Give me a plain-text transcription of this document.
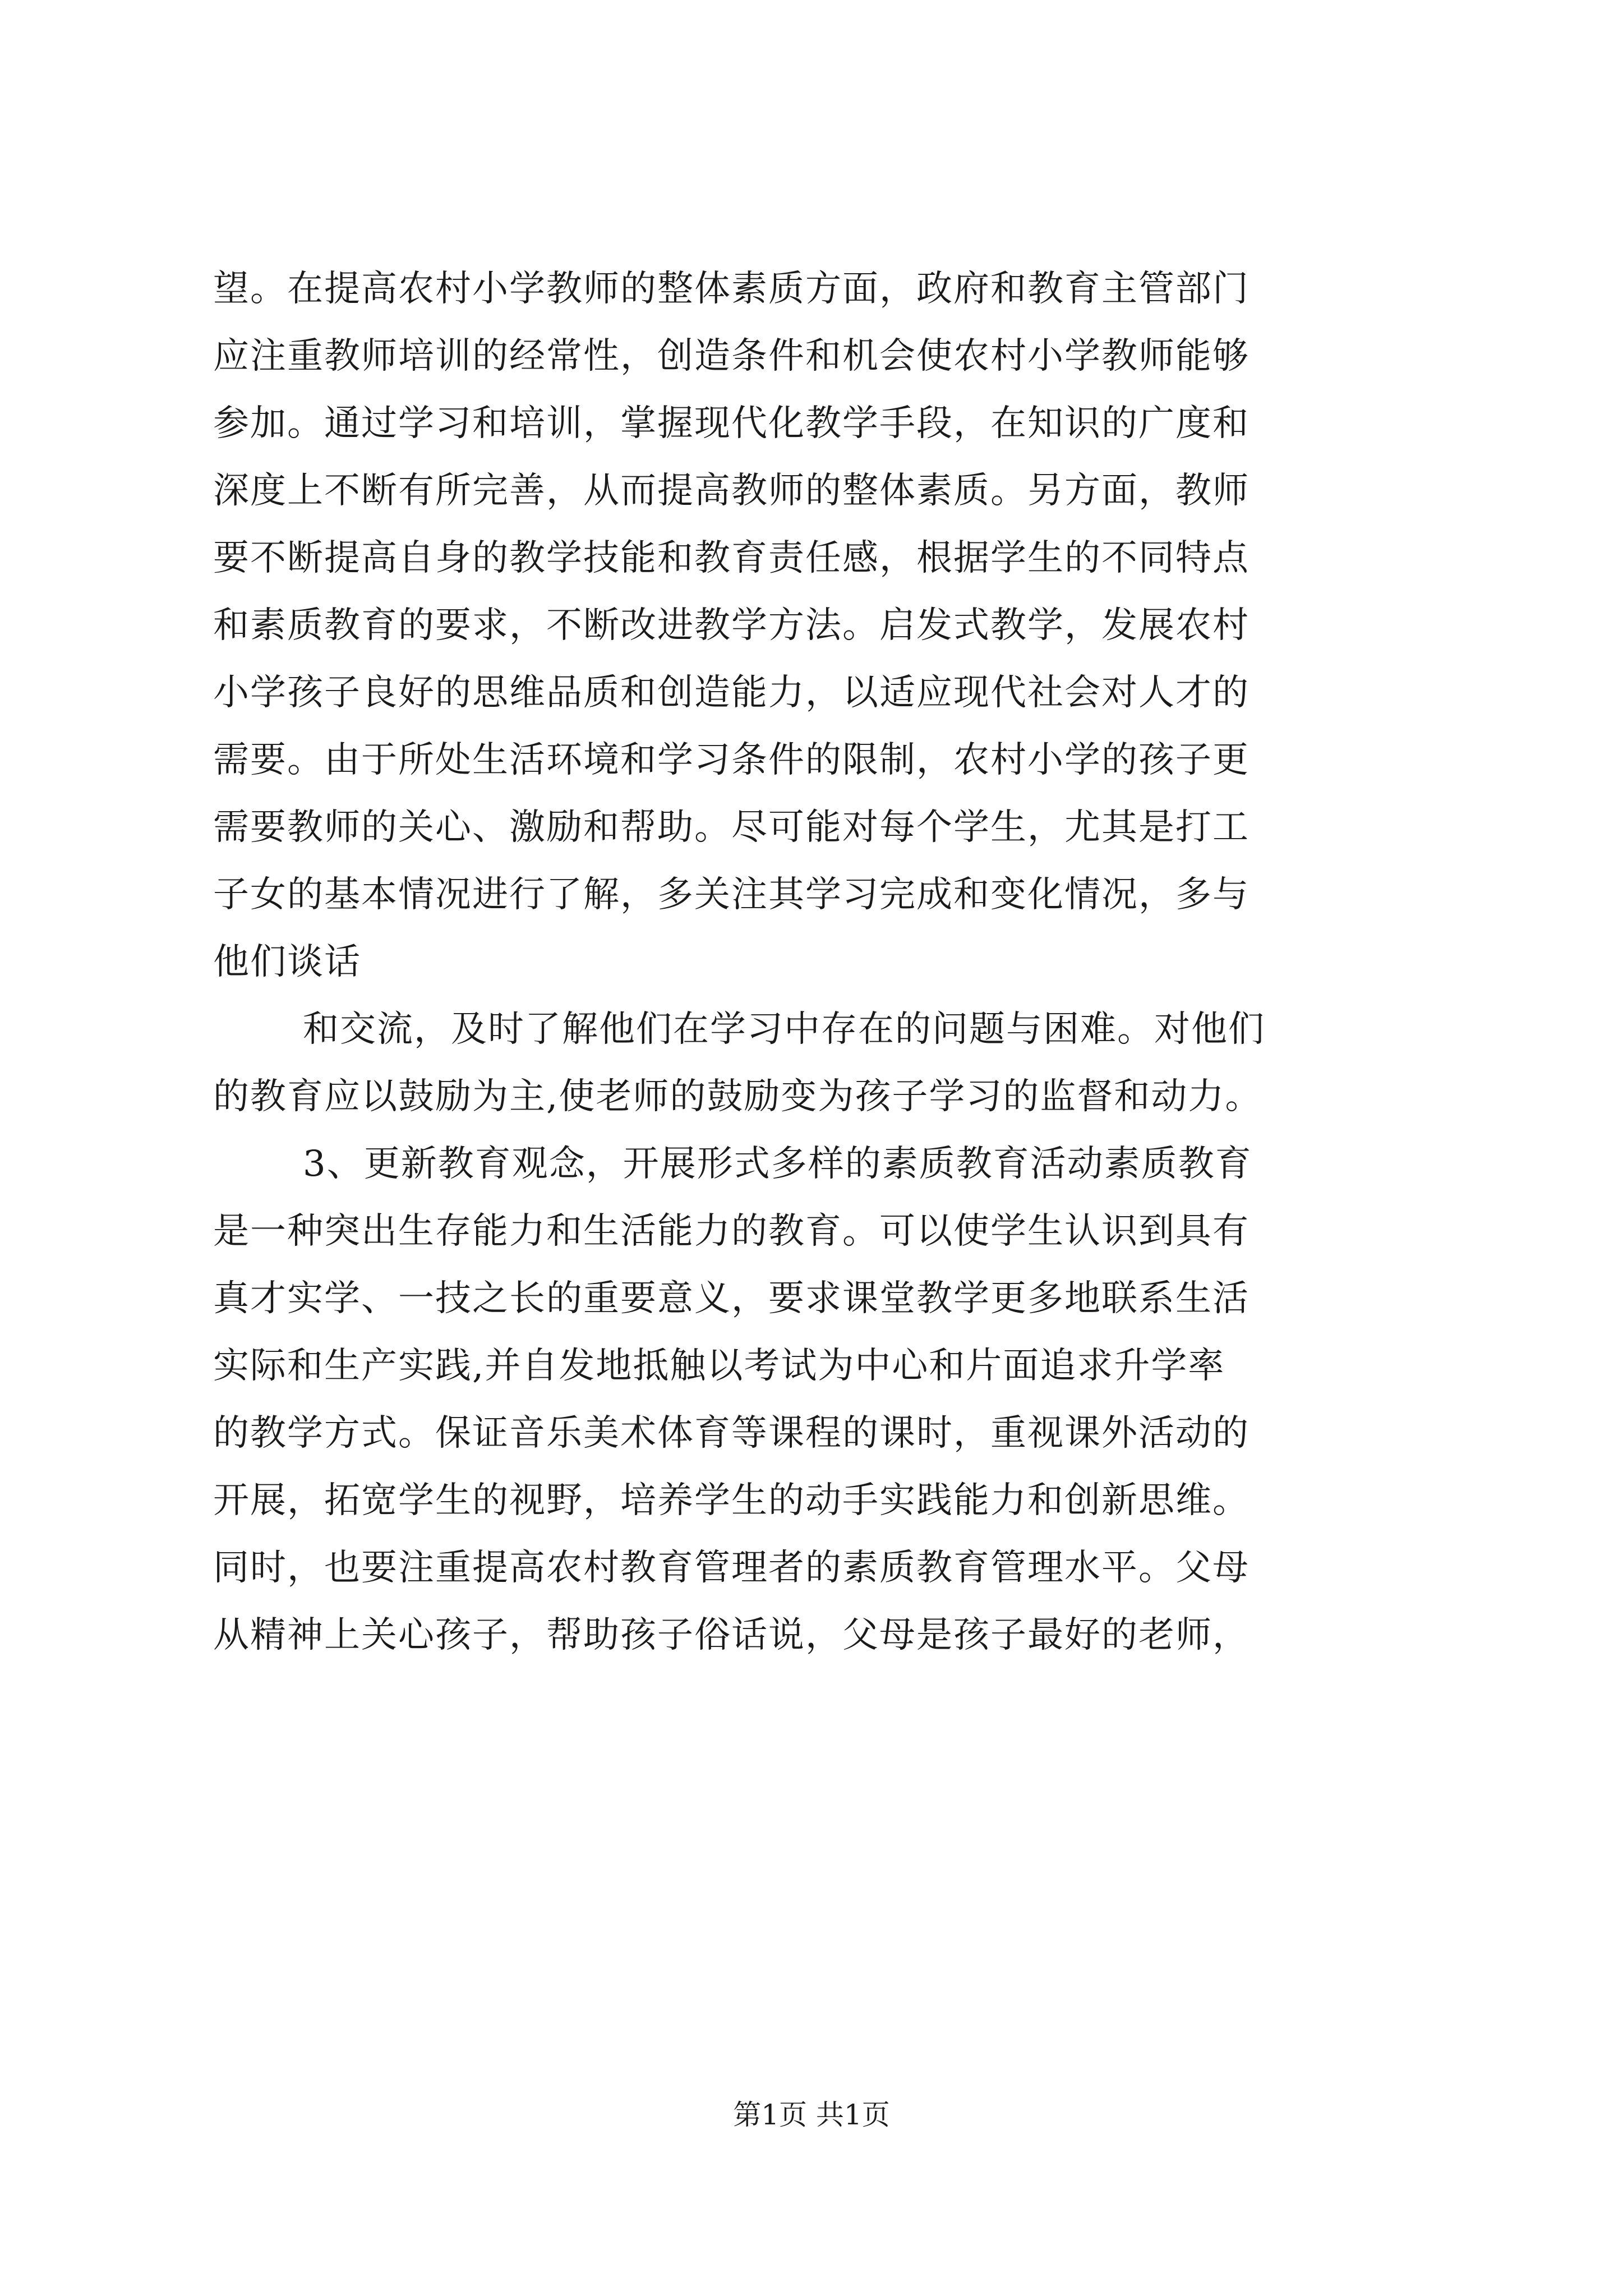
望。在提高农村小学教师的整体素质方面，政府和教育主管部门
应注重教师培训的经常性，创造条件和机会使农村小学教师能够
参加。通过学习和培训，掌握现代化教学手段，在知识的广度和
深度上不断有所完善，从而提高教师的整体素质。另方面，教师
要不断提高自身的教学技能和教育责任感，根据学生的不同特点
和素质教育的要求，不断改进教学方法。启发式教学，发展农村
小学孩子良好的思维品质和创造能力，以适应现代社会对人才的
需要。由于所处生活环境和学习条件的限制，农村小学的孩子更
需要教师的关心、激励和帮助。尽可能对每个学生，尤其是打工
子女的基本情况进行了解，多关注其学习完成和变化情况，多与
他们谈话
和交流，及时了解他们在学习中存在的问题与困难。对他们
的教育应以鼓励为主,使老师的鼓励变为孩子学习的监督和动力。
3、更新教育观念，开展形式多样的素质教育活动素质教育
是一种突出生存能力和生活能力的教育。可以使学生认识到具有
真才实学、一技之长的重要意义，要求课堂教学更多地联系生活
实际和生产实践,并自发地抵触以考试为中心和片面追求升学率
的教学方式。保证音乐美术体育等课程的课时，重视课外活动的
开展，拓宽学生的视野，培养学生的动手实践能力和创新思维。
同时，也要注重提高农村教育管理者的素质教育管理水平。父母
从精神上关心孩子，帮助孩子俗话说，父母是孩子最好的老师，
第1页 共1页
